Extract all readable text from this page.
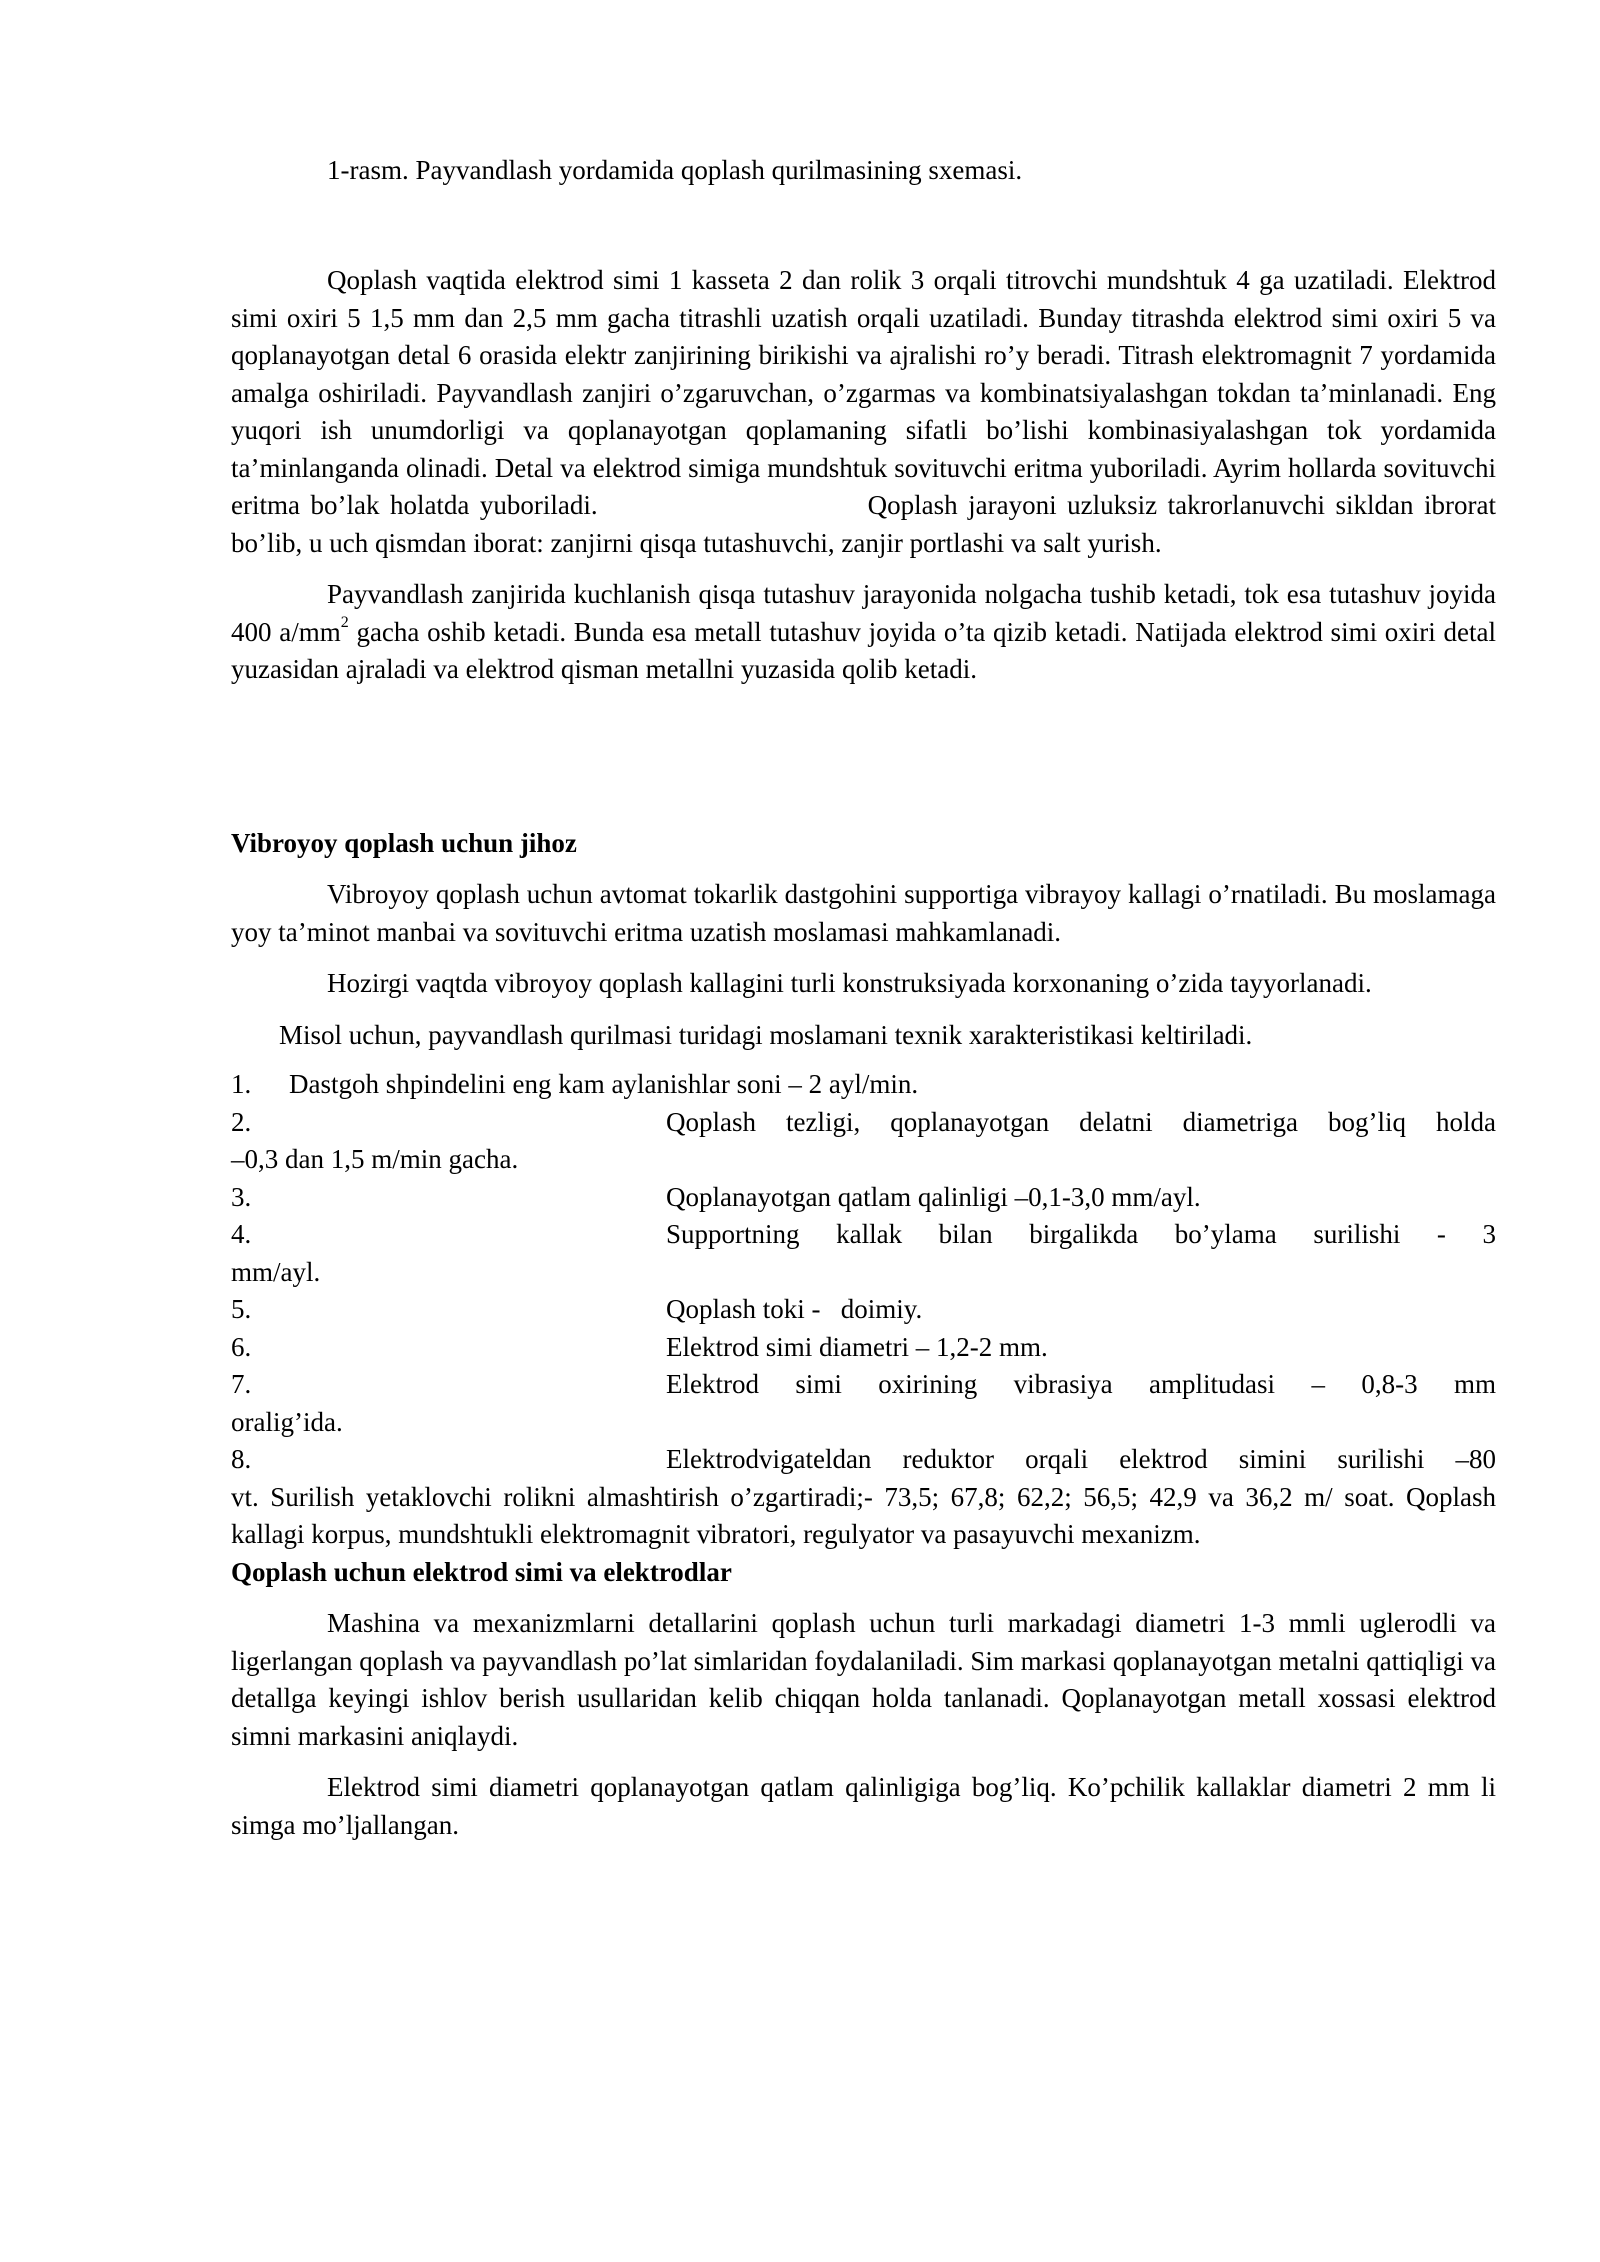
1-rasm. Payvandlash yordamida qoplash qurilmasining sxemasi.

Qoplash vaqtida elektrod simi 1 kasseta 2 dan rolik 3 orqali titrovchi mundshtuk 4 ga uzatiladi. Elektrod simi oxiri 5 1,5 mm dan 2,5 mm gacha titrashli uzatish orqali uzatiladi. Bunday titrashda elektrod simi oxiri 5 va qoplanayotgan detal 6 orasida elektr zanjirining birikishi va ajralishi ro’y beradi. Titrash elektromagnit 7 yordamida amalga oshiriladi. Payvandlash zanjiri o’zgaruvchan, o’zgarmas va kombinatsiyalashgan tokdan ta’minlanadi. Eng yuqori ish unumdorligi va qoplanayotgan qoplamaning sifatli bo’lishi kombinasiyalashgan tok yordamida ta’minlanganda olinadi. Detal va elektrod simiga mundshtuk sovituvchi eritma yuboriladi. Ayrim hollarda sovituvchi eritma bo’lak holatda yuboriladi.	Qoplash jarayoni uzluksiz takrorlanuvchi sikldan ibrorat bo’lib, u uch qismdan iborat: zanjirni qisqa tutashuvchi, zanjir portlashi va salt yurish.

Payvandlash zanjirida kuchlanish qisqa tutashuv jarayonida nolgacha tushib ketadi, tok esa tutashuv joyida 400 $a/mm^2$ gacha oshib ketadi. Bunda esa metall tutashuv joyida o’ta qizib ketadi. Natijada elektrod simi oxiri detal yuzasidan ajraladi va elektrod qisman metallni yuzasida qolib ketadi.

Vibroyoy qoplash uchun jihoz

Vibroyoy qoplash uchun avtomat tokarlik dastgohini supportiga vibrayoy kallagi o’rnatiladi. Bu moslamaga yoy ta’minot manbai va sovituvchi eritma uzatish moslamasi mahkamlanadi.

Hozirgi vaqtda vibroyoy qoplash kallagini turli konstruksiyada korxonaning o’zida tayyorlanadi.

Misol uchun, payvandlash qurilmasi turidagi moslamani texnik xarakteristikasi keltiriladi.

1. Dastgoh shpindelini eng kam aylanishlar soni – 2 ayl/min.
2.	Qoplash tezligi, qoplanayotgan delatni diametriga bog’liq holda
–0,3 dan 1,5 m/min gacha.
3.	Qoplanayotgan qatlam qalinligi –0,1-3,0 mm/ayl.
4.	Supportning kallak bilan birgalikda bo’ylama surilishi - 3
mm/ayl.
5.	Qoplash toki -   doimiy.
6.	Elektrod simi diametri – 1,2-2 mm.
7.	Elektrod simi oxirining vibrasiya amplitudasi – 0,8-3 mm
oralig’ida.
8.	Elektrodvigateldan reduktor orqali elektrod simini surilishi –80
vt. Surilish yetaklovchi rolikni almashtirish o’zgartiradi;- 73,5; 67,8; 62,2; 56,5; 42,9 va 36,2 m/ soat. Qoplash kallagi korpus, mundshtukli elektromagnit vibratori, regulyator va pasayuvchi mexanizm.

Qoplash uchun elektrod simi va elektrodlar

Mashina va mexanizmlarni detallarini qoplash uchun turli markadagi diametri 1-3 mmli uglerodli va ligerlangan qoplash va payvandlash po’lat simlaridan foydalaniladi. Sim markasi qoplanayotgan metalni qattiqligi va detallga keyingi ishlov berish usullaridan kelib chiqqan holda tanlanadi. Qoplanayotgan metall xossasi elektrod simni markasini aniqlaydi.

Elektrod simi diametri qoplanayotgan qatlam qalinligiga bog’liq. Ko’pchilik kallaklar diametri 2 mm li simga mo’ljallangan.
